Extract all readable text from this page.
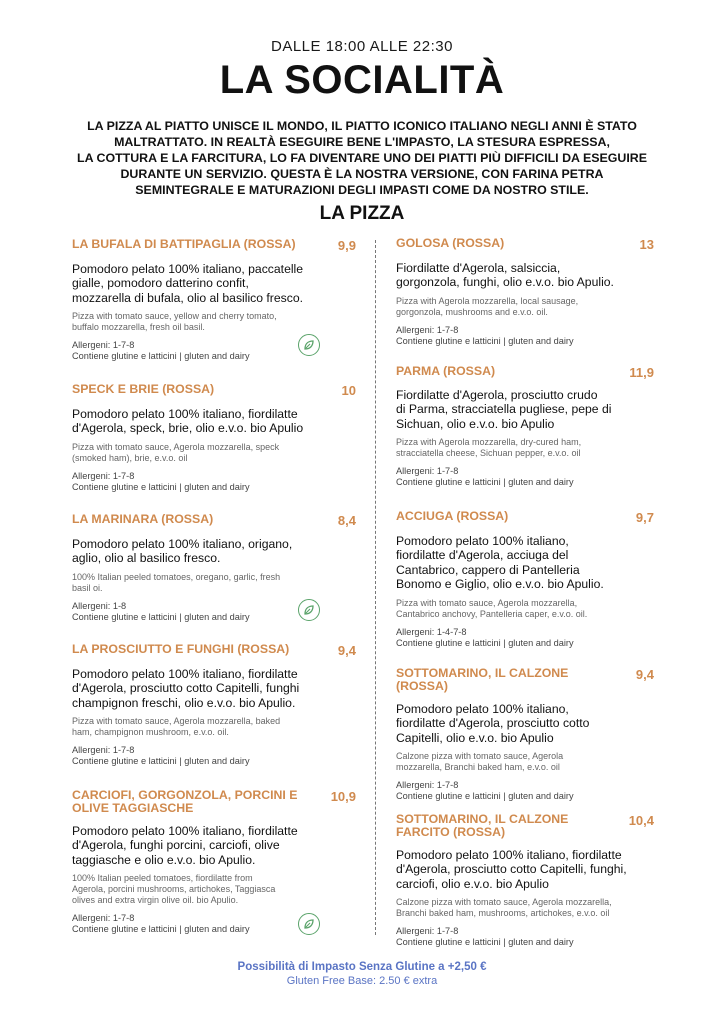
DALLE 18:00 ALLE 22:30
LA SOCIALITÀ
LA PIZZA AL PIATTO UNISCE IL MONDO, IL PIATTO ICONICO ITALIANO NEGLI ANNI È STATO
MALTRATTATO. IN REALTÀ ESEGUIRE BENE L'IMPASTO, LA STESURA ESPRESSA,
LA COTTURA E LA FARCITURA, LO FA DIVENTARE UNO DEI PIATTI PIÙ DIFFICILI DA ESEGUIRE
DURANTE UN SERVIZIO. QUESTA È LA NOSTRA VERSIONE, CON FARINA PETRA
SEMINTEGRALE E MATURAZIONI DEGLI IMPASTI COME DA NOSTRO STILE.
LA PIZZA
LA BUFALA DI BATTIPAGLIA (ROSSA)	9,9
Pomodoro pelato 100% italiano, paccatelle
gialle, pomodoro datterino confit,
mozzarella di bufala, olio al basilico fresco.
Pizza with tomato sauce, yellow and cherry tomato,
buffalo mozzarella, fresh oil basil.
Allergeni: 1-7-8
Contiene glutine e latticini | gluten and dairy
SPECK E BRIE (ROSSA)	10
Pomodoro pelato 100% italiano, fiordilatte
d'Agerola, speck, brie, olio e.v.o. bio Apulio
Pizza with tomato sauce, Agerola mozzarella, speck
(smoked ham), brie, e.v.o. oil
Allergeni: 1-7-8
Contiene glutine e latticini | gluten and dairy
LA MARINARA (ROSSA)	8,4
Pomodoro pelato 100% italiano, origano,
aglio, olio al basilico fresco.
100% Italian peeled tomatoes, oregano, garlic, fresh
basil oi.
Allergeni: 1-8
Contiene glutine e latticini | gluten and dairy
LA PROSCIUTTO E FUNGHI (ROSSA)	9,4
Pomodoro pelato 100% italiano, fiordilatte
d'Agerola, prosciutto cotto Capitelli, funghi
champignon freschi, olio e.v.o. bio Apulio.
Pizza with tomato sauce, Agerola mozzarella, baked
ham, champignon mushroom, e.v.o. oil.
Allergeni: 1-7-8
Contiene glutine e latticini | gluten and dairy
CARCIOFI, GORGONZOLA, PORCINI E
OLIVE TAGGIASCHE
10,9
Pomodoro pelato 100% italiano, fiordilatte
d'Agerola, funghi porcini, carciofi, olive
taggiasche e olio e.v.o. bio Apulio.
100% Italian peeled tomatoes, fiordilatte from
Agerola, porcini mushrooms, artichokes, Taggiasca
olives and extra virgin olive oil. bio Apulio.
Allergeni: 1-7-8
Contiene glutine e latticini | gluten and dairy
GOLOSA (ROSSA)	13
Fiordilatte d'Agerola, salsiccia,
gorgonzola, funghi, olio e.v.o. bio Apulio.
Pizza with Agerola mozzarella, local sausage,
gorgonzola, mushrooms and e.v.o. oil.
Allergeni: 1-7-8
Contiene glutine e latticini | gluten and dairy
PARMA (ROSSA)	11,9
Fiordilatte d'Agerola, prosciutto crudo
di Parma, stracciatella pugliese, pepe di
Sichuan, olio e.v.o. bio Apulio
Pizza with Agerola mozzarella, dry-cured ham,
stracciatella cheese, Sichuan pepper, e.v.o. oil
Allergeni: 1-7-8
Contiene glutine e latticini | gluten and dairy
ACCIUGA (ROSSA)	9,7
Pomodoro pelato 100% italiano,
fiordilatte d'Agerola, acciuga del
Cantabrico, cappero di Pantelleria
Bonomo e Giglio, olio e.v.o. bio Apulio.
Pizza with tomato sauce, Agerola mozzarella,
Cantabrico anchovy, Pantelleria caper, e.v.o. oil.
Allergeni: 1-4-7-8
Contiene glutine e latticini | gluten and dairy
SOTTOMARINO, IL CALZONE
(ROSSA)
9,4
Pomodoro pelato 100% italiano,
fiordilatte d'Agerola, prosciutto cotto
Capitelli, olio e.v.o. bio Apulio
Calzone pizza with tomato sauce, Agerola
mozzarella, Branchi baked ham, e.v.o. oil
Allergeni: 1-7-8
Contiene glutine e latticini | gluten and dairy
SOTTOMARINO, IL CALZONE
FARCITO (ROSSA)
10,4
Pomodoro pelato 100% italiano, fiordilatte
d'Agerola, prosciutto cotto Capitelli, funghi,
carciofi, olio e.v.o. bio Apulio
Calzone pizza with tomato sauce, Agerola mozzarella,
Branchi baked ham, mushrooms, artichokes, e.v.o. oil
Allergeni: 1-7-8
Contiene glutine e latticini | gluten and dairy
Possibilità di Impasto Senza Glutine a +2,50 €
Gluten Free Base: 2.50 € extra
